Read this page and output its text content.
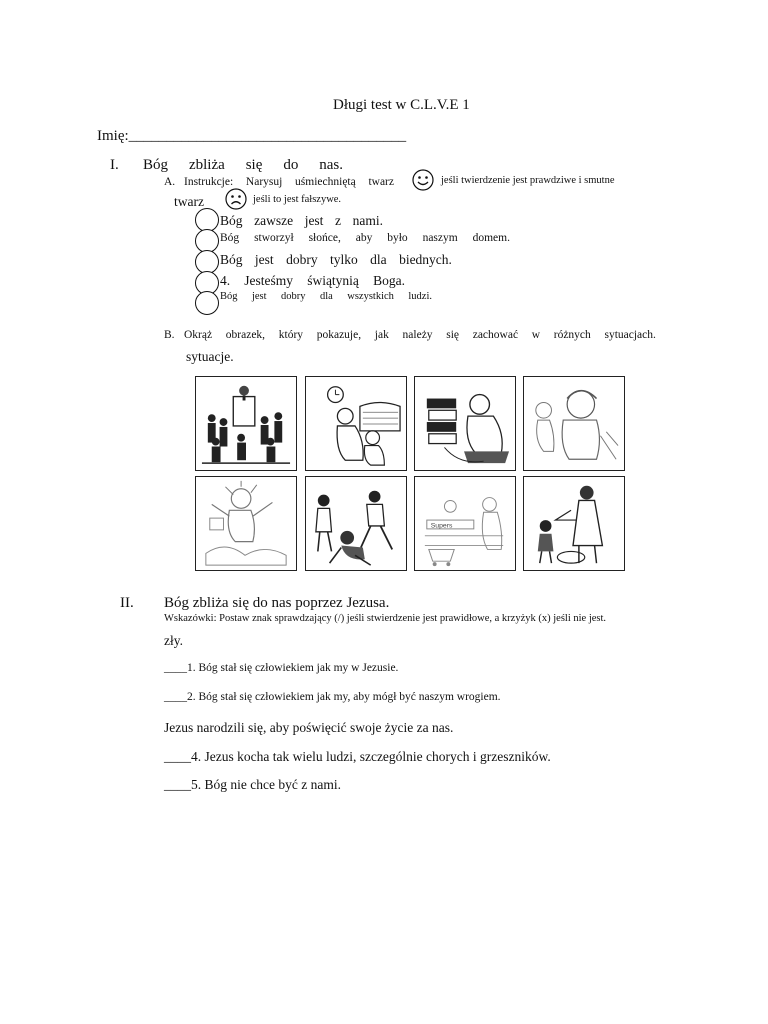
Długi test w C.L.V.E 1
Imię:_____________________________________
I. Bóg zbliża się do nas.
A. Instrukcje: Narysuj uśmiechniętą twarz	jeśli twierdzenie jest prawdziwe i smutne
twarz	jeśli to jest fałszywe.
Bóg zawsze jest z nami.
Bóg stworzył słońce, aby było naszym domem.
Bóg jest dobry tylko dla biednych.
4. Jesteśmy świątynią Boga.
Bóg jest dobry dla wszystkich ludzi.
B. Okrąż obrazek, który pokazuje, jak należy się zachować w różnych sytuacjach.
sytuacje.
Supers
II. Bóg zbliża się do nas poprzez Jezusa.
Wskazówki: Postaw znak sprawdzający (/) jeśli stwierdzenie jest prawidłowe, a krzyżyk (x) jeśli nie jest.
zły.
____1. Bóg stał się człowiekiem jak my w Jezusie.
____2. Bóg stał się człowiekiem jak my, aby mógł być naszym wrogiem.
Jezus narodzili się, aby poświęcić swoje życie za nas.
____4. Jezus kocha tak wielu ludzi, szczególnie chorych i grzeszników.
____5. Bóg nie chce być z nami.
